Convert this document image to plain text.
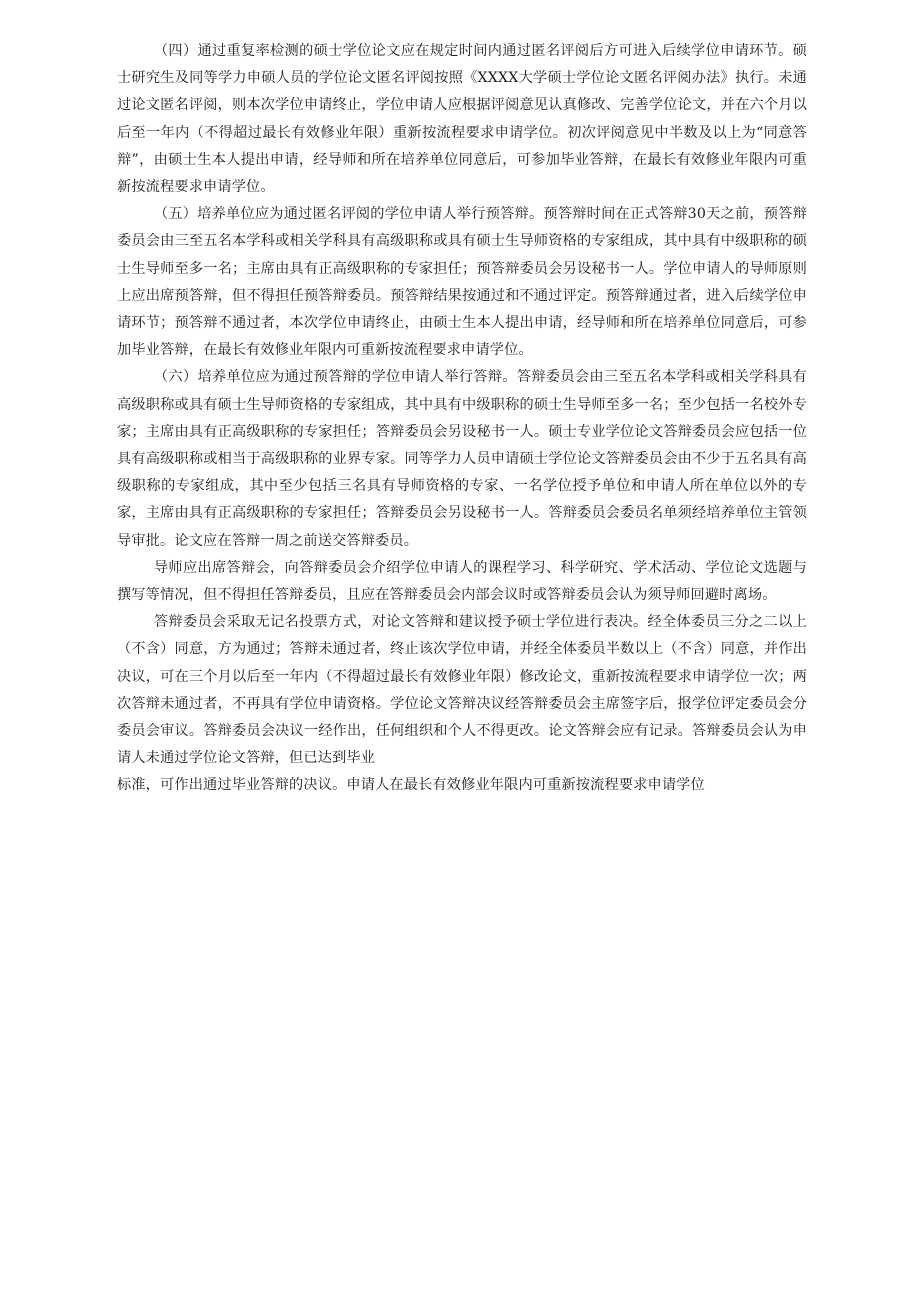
（四）通过重复率检测的硕士学位论文应在规定时间内通过匿名评阅后方可进入后续学位申请环节。硕士研究生及同等学力申硕人员的学位论文匿名评阅按照《XXXX大学硕士学位论文匿名评阅办法》执行。未通过论文匿名评阅，则本次学位申请终止，学位申请人应根据评阅意见认真修改、完善学位论文，并在六个月以后至一年内（不得超过最长有效修业年限）重新按流程要求申请学位。初次评阅意见中半数及以上为“同意答辩”，由硕士生本人提出申请，经导师和所在培养单位同意后，可参加毕业答辩，在最长有效修业年限内可重新按流程要求申请学位。

（五）培养单位应为通过匿名评阅的学位申请人举行预答辩。预答辩时间在正式答辩30天之前，预答辩委员会由三至五名本学科或相关学科具有高级职称或具有硕士生导师资格的专家组成，其中具有中级职称的硕士生导师至多一名；主席由具有正高级职称的专家担任；预答辩委员会另设秘书一人。学位申请人的导师原则上应出席预答辩，但不得担任预答辩委员。预答辩结果按通过和不通过评定。预答辩通过者，进入后续学位申请环节；预答辩不通过者，本次学位申请终止，由硕士生本人提出申请，经导师和所在培养单位同意后，可参加毕业答辩，在最长有效修业年限内可重新按流程要求申请学位。

（六）培养单位应为通过预答辩的学位申请人举行答辩。答辩委员会由三至五名本学科或相关学科具有高级职称或具有硕士生导师资格的专家组成，其中具有中级职称的硕士生导师至多一名；至少包括一名校外专家；主席由具有正高级职称的专家担任；答辩委员会另设秘书一人。硕士专业学位论文答辩委员会应包括一位具有高级职称或相当于高级职称的业界专家。同等学力人员申请硕士学位论文答辩委员会由不少于五名具有高级职称的专家组成，其中至少包括三名具有导师资格的专家、一名学位授予单位和申请人所在单位以外的专家，主席由具有正高级职称的专家担任；答辩委员会另设秘书一人。答辩委员会委员名单须经培养单位主管领导审批。论文应在答辩一周之前送交答辩委员。

导师应出席答辩会，向答辩委员会介绍学位申请人的课程学习、科学研究、学术活动、学位论文选题与撰写等情况，但不得担任答辩委员，且应在答辩委员会内部会议时或答辩委员会认为须导师回避时离场。

答辩委员会采取无记名投票方式，对论文答辩和建议授予硕士学位进行表决。经全体委员三分之二以上（不含）同意，方为通过；答辩未通过者，终止该次学位申请，并经全体委员半数以上（不含）同意，并作出决议，可在三个月以后至一年内（不得超过最长有效修业年限）修改论文，重新按流程要求申请学位一次；两次答辩未通过者，不再具有学位申请资格。学位论文答辩决议经答辩委员会主席签字后，报学位评定委员会分委员会审议。答辩委员会决议一经作出，任何组织和个人不得更改。论文答辩会应有记录。答辩委员会认为申请人未通过学位论文答辩，但已达到毕业

标准，可作出通过毕业答辩的决议。申请人在最长有效修业年限内可重新按流程要求申请学位
